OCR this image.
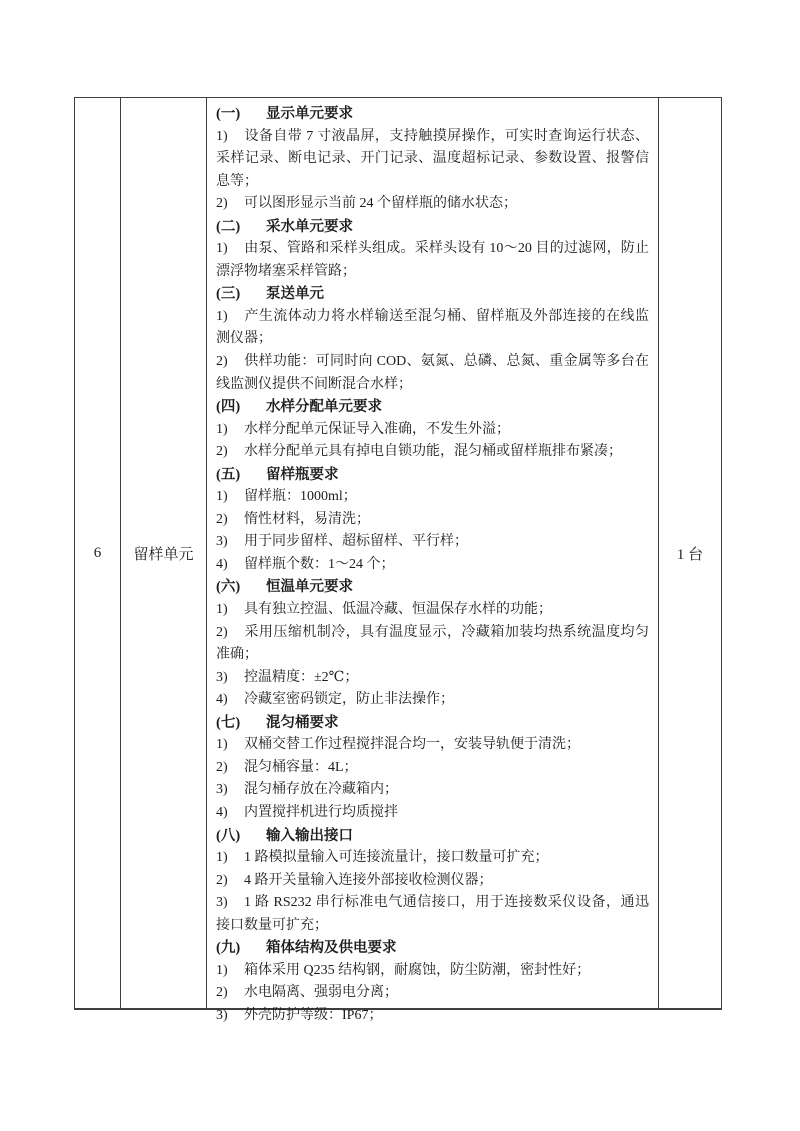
6 留样单元
(一) 显示单元要求
1) 设备自带 7 寸液晶屏，支持触摸屏操作，可实时查询运行状态、采样记录、断电记录、开门记录、温度超标记录、参数设置、报警信息等；
2) 可以图形显示当前 24 个留样瓶的储水状态；
(二) 采水单元要求
1) 由泵、管路和采样头组成。采样头设有 10～20 目的过滤网，防止漂浮物堵塞采样管路；
(三) 泵送单元
1) 产生流体动力将水样输送至混匀桶、留样瓶及外部连接的在线监测仪器；
2) 供样功能：可同时向 COD、氨氮、总磷、总氮、重金属等多台在线监测仪提供不间断混合水样；
(四) 水样分配单元要求
1) 水样分配单元保证导入准确，不发生外溢；
2) 水样分配单元具有掉电自锁功能，混匀桶或留样瓶排布紧凑；
(五) 留样瓶要求
1) 留样瓶：1000ml；
2) 惰性材料，易清洗；
3) 用于同步留样、超标留样、平行样；
4) 留样瓶个数：1～24 个；
(六) 恒温单元要求
1) 具有独立控温、低温冷藏、恒温保存水样的功能；
2) 采用压缩机制冷，具有温度显示，冷藏箱加装均热系统温度均匀准确；
3) 控温精度：±2℃；
4) 冷藏室密码锁定，防止非法操作；
(七) 混匀桶要求
1) 双桶交替工作过程搅拌混合均一，安装导轨便于清洗；
2) 混匀桶容量：4L；
3) 混匀桶存放在冷藏箱内；
4) 内置搅拌机进行均质搅拌
(八) 输入输出接口
1) 1 路模拟量输入可连接流量计，接口数量可扩充；
2) 4 路开关量输入连接外部接收检测仪器；
3) 1 路 RS232 串行标准电气通信接口，用于连接数采仪设备，通迅接口数量可扩充；
(九) 箱体结构及供电要求
1) 箱体采用 Q235 结构钢，耐腐蚀，防尘防潮，密封性好；
2) 水电隔离、强弱电分离；
3) 外壳防护等级：IP67；
1 台
